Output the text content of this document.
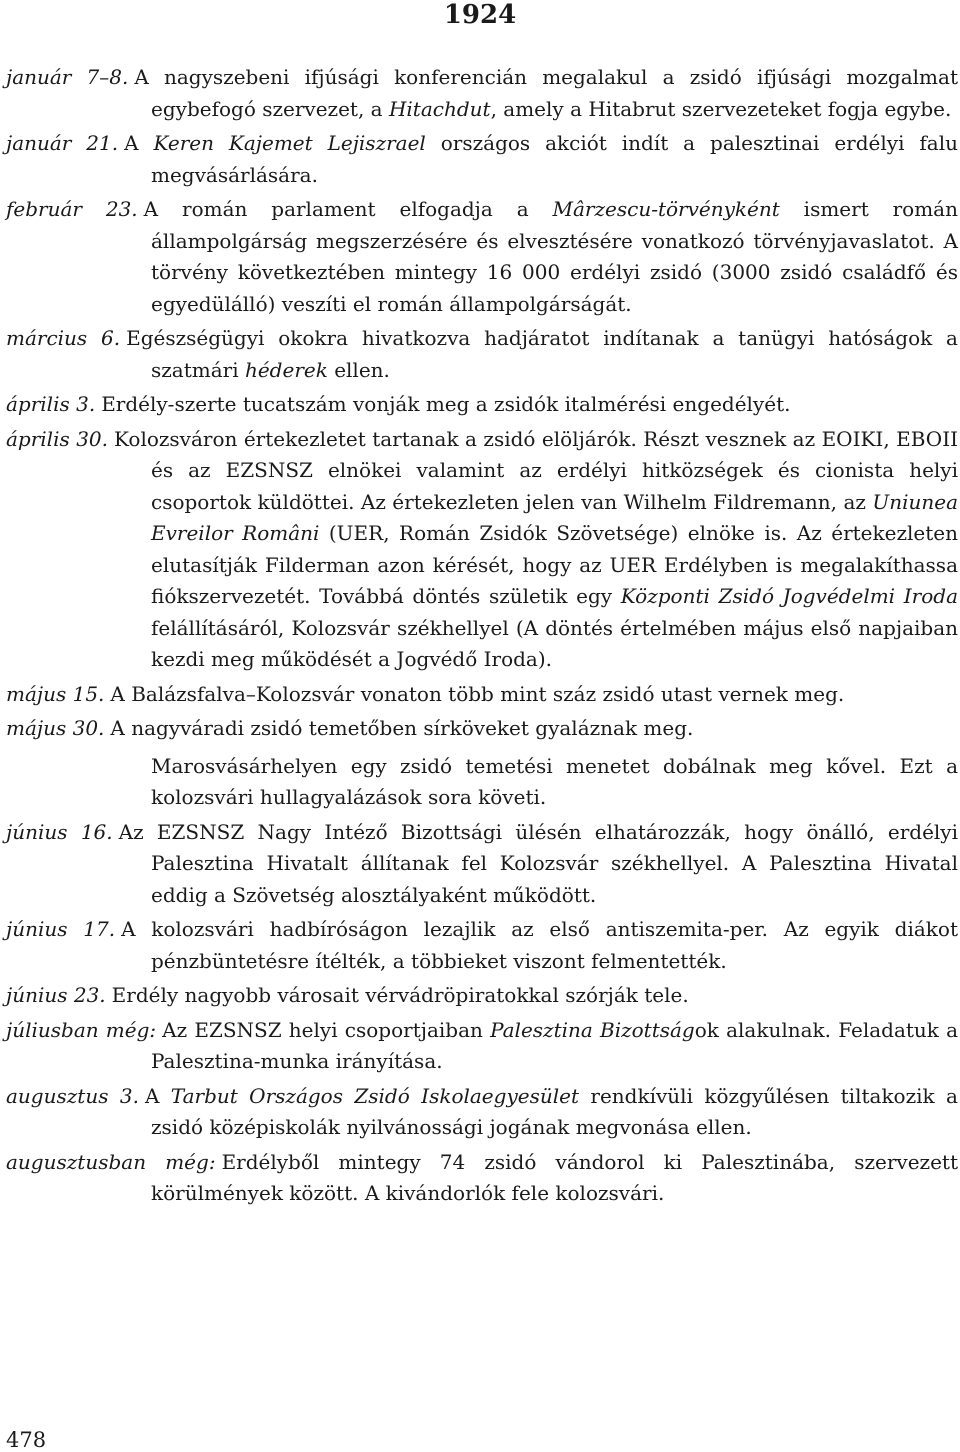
1924

január 7–8. A nagyszebeni ifjúsági konferencián megalakul a zsidó ifjúsági mozgalmat egybefogó szervezet, a Hitachdut, amely a Hitabrut szervezeteket fogja egybe.

január 21. A Keren Kajemet Lejiszrael országos akciót indít a palesztinai erdélyi falu megvásárlására.

február 23. A román parlament elfogadja a Mârzescu-törvényként ismert román állampolgárság megszerzésére és elvesztésére vonatkozó törvényjavaslatot. A törvény következtében mintegy 16 000 erdélyi zsidó (3000 zsidó családfő és egyedülálló) veszíti el román állampolgárságát.

március 6. Egészségügyi okokra hivatkozva hadjáratot indítanak a tanügyi hatóságok a szatmári héderek ellen.

április 3. Erdély-szerte tucatszám vonják meg a zsidók italmérési engedélyét.

április 30. Kolozsváron értekezletet tartanak a zsidó elöljárók. Részt vesznek az EOIKI, EBOII és az EZSNSZ elnökei valamint az erdélyi hitközségek és cionista helyi csoportok küldöttei. Az értekezleten jelen van Wilhelm Fildremann, az Uniunea Evreilor Români (UER, Román Zsidók Szövetsége) elnöke is. Az értekezleten elutasítják Filderman azon kérését, hogy az UER Erdélyben is megalakíthassa fiókszervezetét. Továbbá döntés születik egy Központi Zsidó Jogvédelmi Iroda felállításáról, Kolozsvár székhellyel (A döntés értelmében május első napjaiban kezdi meg működését a Jogvédő Iroda).

május 15. A Balázsfalva–Kolozsvár vonaton több mint száz zsidó utast vernek meg.

május 30. A nagyváradi zsidó temetőben sírköveket gyaláznak meg.

Marosvásárhelyen egy zsidó temetési menetet dobálnak meg kővel. Ezt a kolozsvári hullagyalázások sora követi.

június 16. Az EZSNSZ Nagy Intéző Bizottsági ülésén elhatározzák, hogy önálló, erdélyi Palesztina Hivatalt állítanak fel Kolozsvár székhellyel. A Palesztina Hivatal eddig a Szövetség alosztályaként működött.

június 17. A kolozsvári hadbíróságon lezajlik az első antiszemita-per. Az egyik diákot pénzbüntetésre ítélték, a többieket viszont felmentették.

június 23. Erdély nagyobb városait vérvádröpiratokkal szórják tele.

júliusban még: Az EZSNSZ helyi csoportjaiban Palesztina Bizottságok alakulnak. Feladatuk a Palesztina-munka irányítása.

augusztus 3. A Tarbut Országos Zsidó Iskolaegyesület rendkívüli közgyűlésen tiltakozik a zsidó középiskolák nyilvánossági jogának megvonása ellen.

augusztusban még: Erdélyből mintegy 74 zsidó vándorol ki Palesztinába, szervezett körülmények között. A kivándorlók fele kolozsvári.

478
